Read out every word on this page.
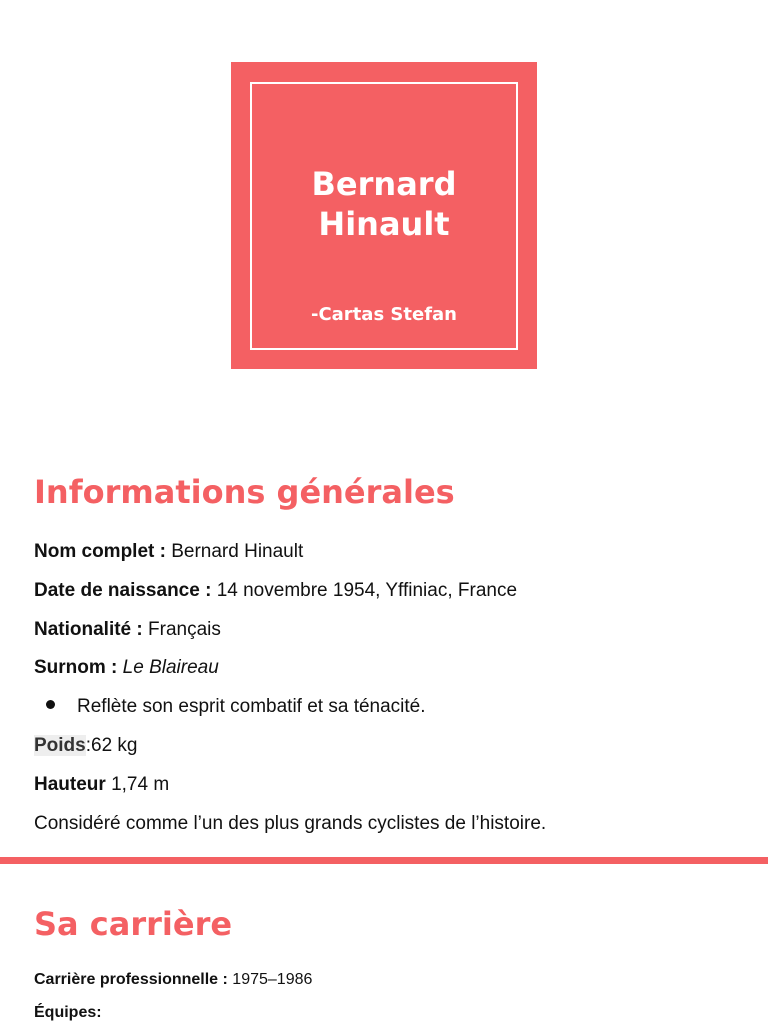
Bernard
Hinault
-Cartas Stefan
Informations générales
Nom complet : Bernard Hinault
Date de naissance : 14 novembre 1954, Yffiniac, France
Nationalité : Français
Surnom : Le Blaireau
Reflète son esprit combatif et sa ténacité.
Poids:62 kg
Hauteur 1,74 m
Considéré comme l’un des plus grands cyclistes de l’histoire.
Sa carrière
Carrière professionnelle : 1975–1986
Équipes:
